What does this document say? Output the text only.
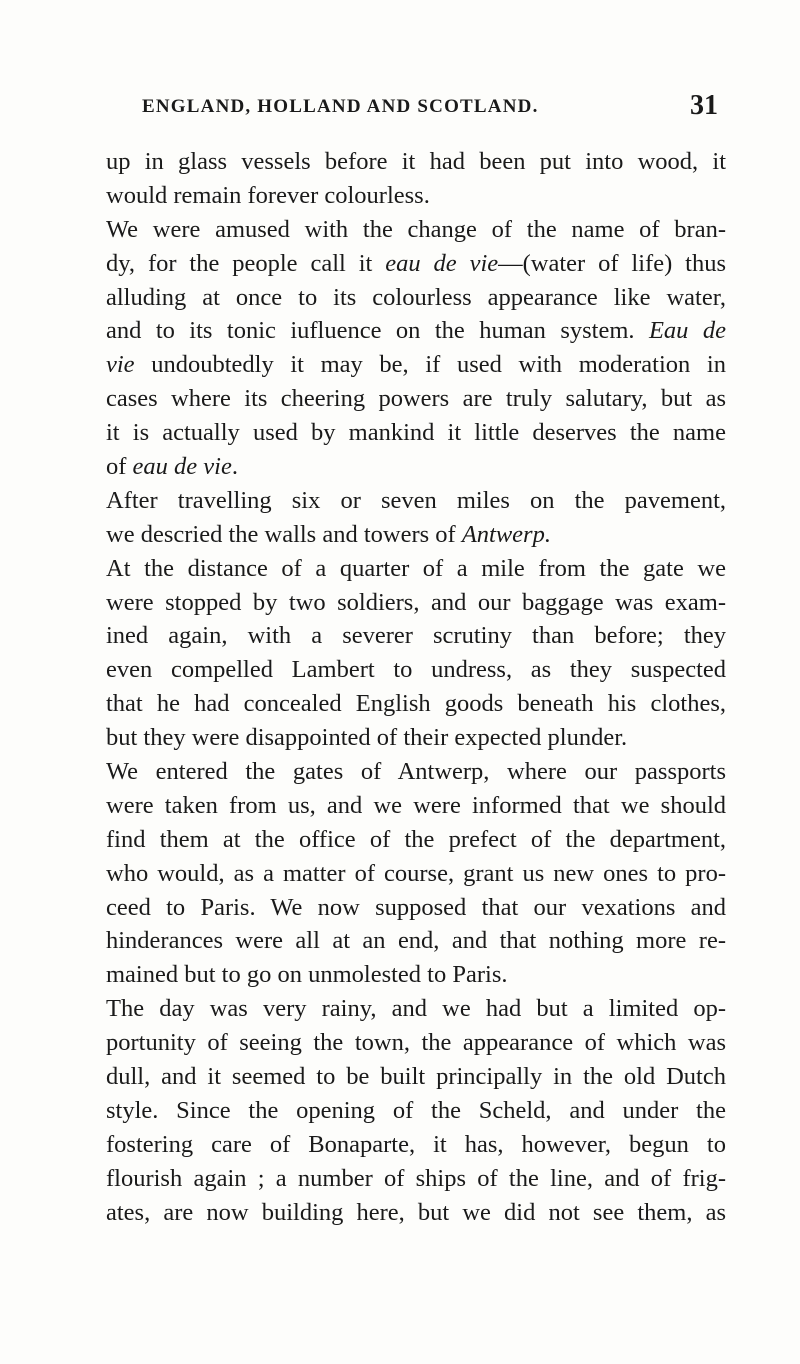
ENGLAND, HOLLAND AND SCOTLAND.	31
up in glass vessels before it had been put into wood, it
would remain forever colourless.
We were amused with the change of the name of bran-
dy, for the people call it eau de vie—(water of life) thus
alluding at once to its colourless appearance like water,
and to its tonic iufluence on the human system. Eau de
vie undoubtedly it may be, if used with moderation in
cases where its cheering powers are truly salutary, but as
it is actually used by mankind it little deserves the name
of eau de vie.
After travelling six or seven miles on the pavement,
we descried the walls and towers of Antwerp.
At the distance of a quarter of a mile from the gate we
were stopped by two soldiers, and our baggage was exam-
ined again, with a severer scrutiny than before; they
even compelled Lambert to undress, as they suspected
that he had concealed English goods beneath his clothes,
but they were disappointed of their expected plunder.
We entered the gates of Antwerp, where our passports
were taken from us, and we were informed that we should
find them at the office of the prefect of the department,
who would, as a matter of course, grant us new ones to pro-
ceed to Paris. We now supposed that our vexations and
hinderances were all at an end, and that nothing more re-
mained but to go on unmolested to Paris.
The day was very rainy, and we had but a limited op-
portunity of seeing the town, the appearance of which was
dull, and it seemed to be built principally in the old Dutch
style. Since the opening of the Scheld, and under the
fostering care of Bonaparte, it has, however, begun to
flourish again ; a number of ships of the line, and of frig-
ates, are now building here, but we did not see them, as
